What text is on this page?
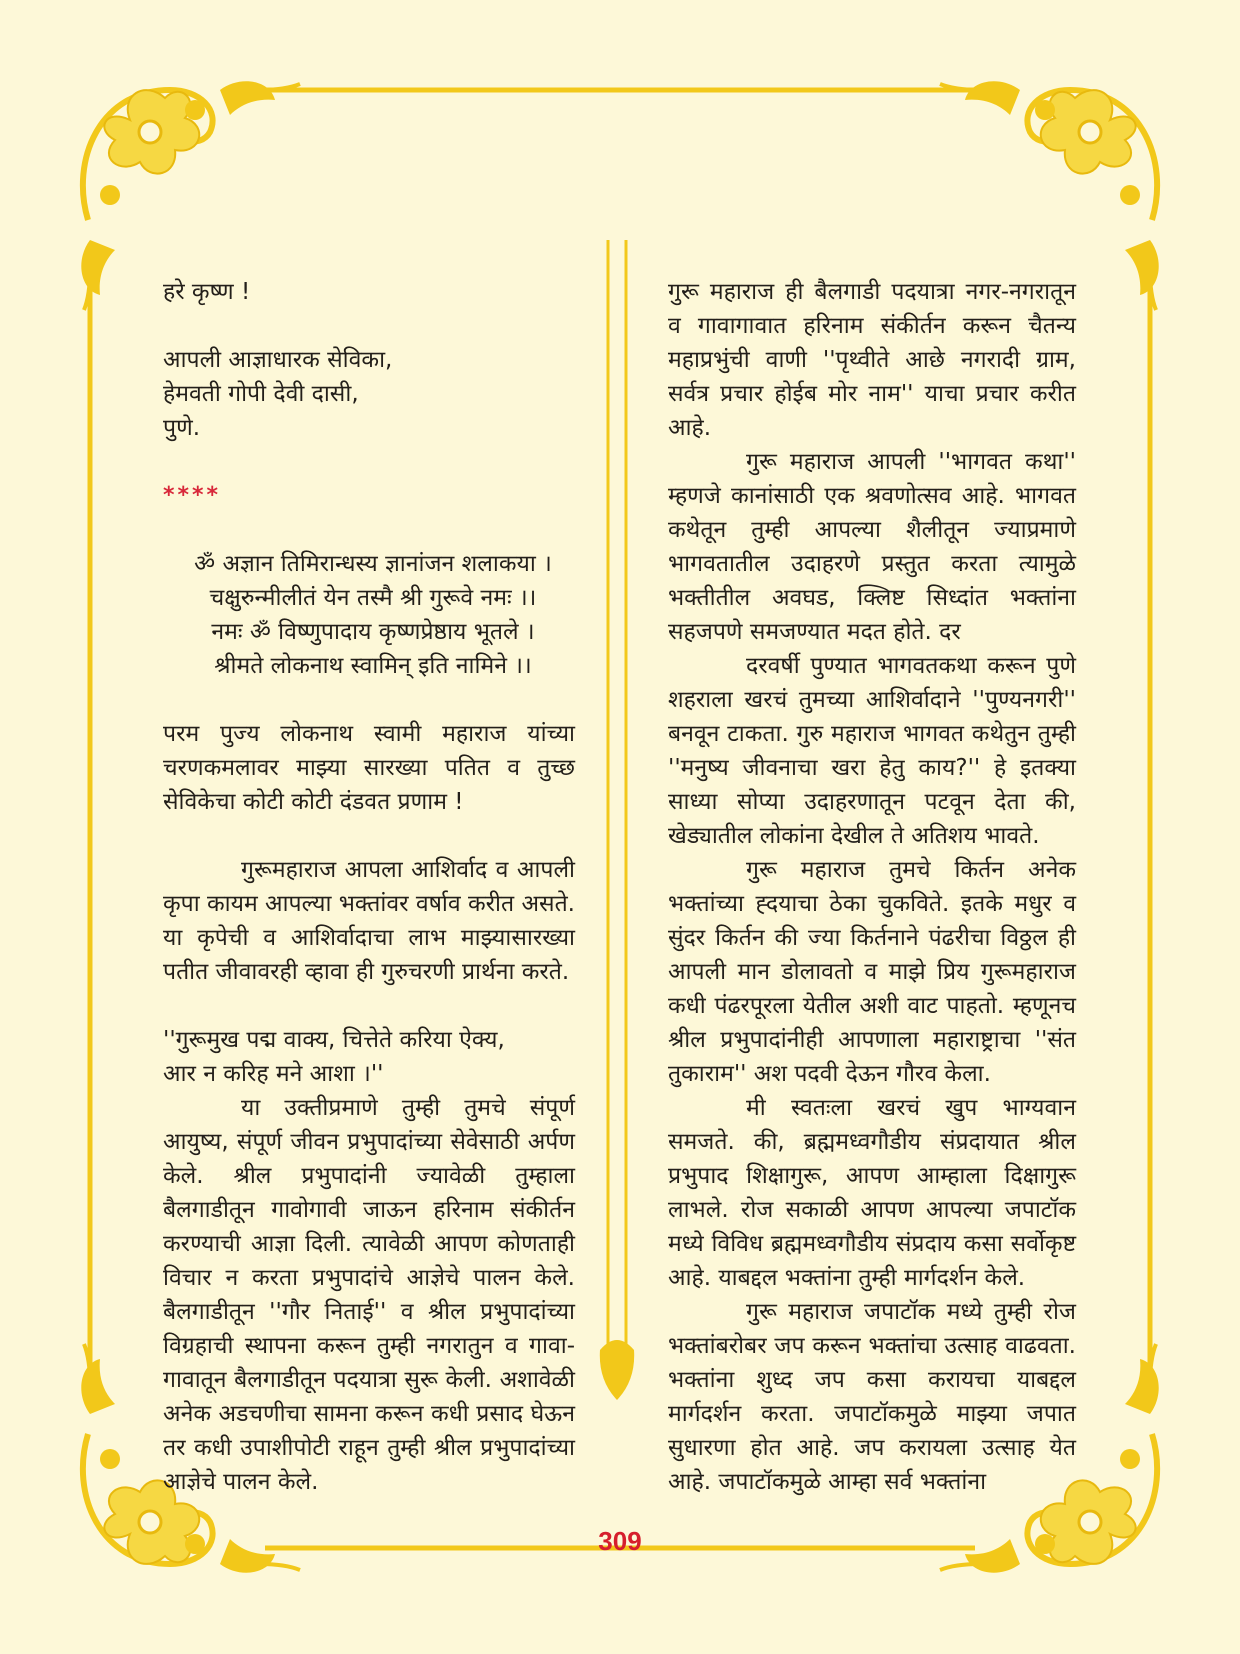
हरे कृष्ण !

आपली आज्ञाधारक सेविका,

हेमवती गोपी देवी दासी,

पुणे.

****

ॐ अज्ञान तिमिरान्धस्य ज्ञानांजन शलाकया ।

चक्षुरुन्मीलीतं येन तस्मै श्री गुरूवे नमः ।।

नमः ॐ विष्णुपादाय कृष्णप्रेष्ठाय भूतले ।

श्रीमते लोकनाथ स्वामिन् इति नामिने ।।

परम पुज्य लोकनाथ स्वामी महाराज यांच्या चरणकमलावर माझ्या सारख्या पतित व तुच्छ सेविकेचा कोटी कोटी दंडवत प्रणाम !

गुरूमहाराज आपला आशिर्वाद व आपली कृपा कायम आपल्या भक्तांवर वर्षाव करीत असते. या कृपेची व आशिर्वादाचा लाभ माझ्यासारख्या पतीत जीवावरही व्हावा ही गुरुचरणी प्रार्थना करते.

''गुरूमुख पद्म वाक्य, चित्तेते करिया ऐक्य,

आर न करिह मने आशा ।''

या उक्तीप्रमाणे तुम्ही तुमचे संपूर्ण आयुष्य, संपूर्ण जीवन प्रभुपादांच्या सेवेसाठी अर्पण केले. श्रील प्रभुपादांनी ज्यावेळी तुम्हाला बैलगाडीतून गावोगावी जाऊन हरिनाम संकीर्तन करण्याची आज्ञा दिली. त्यावेळी आपण कोणताही विचार न करता प्रभुपादांचे आज्ञेचे पालन केले. बैलगाडीतून ''गौर निताई'' व श्रील प्रभुपादांच्या विग्रहाची स्थापना करून तुम्ही नगरातुन व गावा-गावातून बैलगाडीतून पदयात्रा सुरू केली. अशावेळी अनेक अडचणीचा सामना करून कधी प्रसाद घेऊन तर कधी उपाशीपोटी राहून तुम्ही श्रील प्रभुपादांच्या आज्ञेचे पालन केले.

गुरू महाराज ही बैलगाडी पदयात्रा नगर-नगरातून व गावागावात हरिनाम संकीर्तन करून चैतन्य महाप्रभुंची वाणी ''पृथ्वीते आछे नगरादी ग्राम, सर्वत्र प्रचार होईब मोर नाम'' याचा प्रचार करीत आहे.

गुरू महाराज आपली ''भागवत कथा'' म्हणजे कानांसाठी एक श्रवणोत्सव आहे. भागवत कथेतून तुम्ही आपल्या शैलीतून ज्याप्रमाणे भागवतातील उदाहरणे प्रस्तुत करता त्यामुळे भक्तीतील अवघड, क्लिष्ट सिध्दांत भक्तांना सहजपणे समजण्यात मदत होते. दर

दरवर्षी पुण्यात भागवतकथा करून पुणे शहराला खरचं तुमच्या आशिर्वादाने ''पुण्यनगरी'' बनवून टाकता. गुरु महाराज भागवत कथेतुन तुम्ही ''मनुष्य जीवनाचा खरा हेतु काय?'' हे इतक्या साध्या सोप्या उदाहरणातून पटवून देता की, खेड्यातील लोकांना देखील ते अतिशय भावते.

गुरू महाराज तुमचे किर्तन अनेक भक्तांच्या ह्दयाचा ठेका चुकविते. इतके मधुर व सुंदर किर्तन की ज्या किर्तनाने पंढरीचा विठ्ठल ही आपली मान डोलावतो व माझे प्रिय गुरूमहाराज कधी पंढरपूरला येतील अशी वाट पाहतो. म्हणूनच श्रील प्रभुपादांनीही आपणाला महाराष्ट्राचा ''संत तुकाराम'' अश पदवी देऊन गौरव केला.

मी स्वतःला खरचं खुप भाग्यवान समजते. की, ब्रह्ममध्वगौडीय संप्रदायात श्रील प्रभुपाद शिक्षागुरू, आपण आम्हाला दिक्षागुरू लाभले. रोज सकाळी आपण आपल्या जपाटॉक मध्ये विविध ब्रह्ममध्वगौडीय संप्रदाय कसा सर्वोकृष्ट आहे. याबद्दल भक्तांना तुम्ही मार्गदर्शन केले.

गुरू महाराज जपाटॉक मध्ये तुम्ही रोज भक्तांबरोबर जप करून भक्तांचा उत्साह वाढवता. भक्तांना शुध्द जप कसा करायचा याबद्दल मार्गदर्शन करता. जपाटॉकमुळे माझ्या जपात सुधारणा होत आहे. जप करायला उत्साह येत आहे. जपाटॉकमुळे आम्हा सर्व भक्तांना

309
